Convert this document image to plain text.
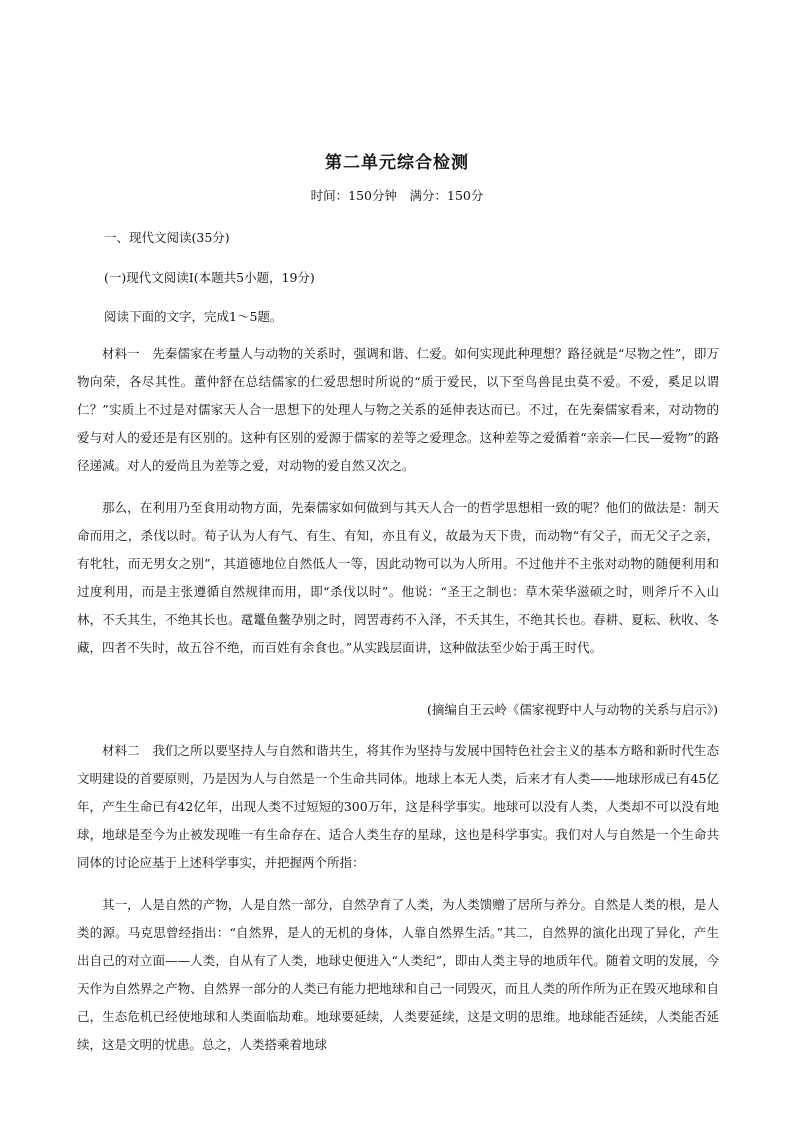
第二单元综合检测
时间：150分钟　满分：150分
一、现代文阅读(35分)
(一)现代文阅读Ⅰ(本题共5小题，19分)
阅读下面的文字，完成1～5题。

材料一　先秦儒家在考量人与动物的关系时，强调和谐、仁爱。如何实现此种理想？路径就是“尽物之性”，即万物向荣，各尽其性。董仲舒在总结儒家的仁爱思想时所说的“质于爱民，以下至鸟兽昆虫莫不爱。不爱，奚足以谓仁？”实质上不过是对儒家天人合一思想下的处理人与物之关系的延伸表达而已。不过，在先秦儒家看来，对动物的爱与对人的爱还是有区别的。这种有区别的爱源于儒家的差等之爱理念。这种差等之爱循着“亲亲—仁民—爱物”的路径递减。对人的爱尚且为差等之爱，对动物的爱自然又次之。

那么，在利用乃至食用动物方面，先秦儒家如何做到与其天人合一的哲学思想相一致的呢？他们的做法是：制天命而用之，杀伐以时。荀子认为人有气、有生、有知，亦且有义，故最为天下贵，而动物“有父子，而无父子之亲，有牝牡，而无男女之别”，其道德地位自然低人一等，因此动物可以为人所用。不过他并不主张对动物的随便利用和过度利用，而是主张遵循自然规律而用，即“杀伐以时”。他说：“圣王之制也：草木荣华滋硕之时，则斧斤不入山林，不夭其生，不绝其长也。鼋鼍鱼鳖孕别之时，罔罟毒药不入泽，不夭其生，不绝其长也。春耕、夏耘、秋收、冬藏，四者不失时，故五谷不绝，而百姓有余食也。”从实践层面讲，这种做法至少始于禹王时代。

(摘编自王云岭《儒家视野中人与动物的关系与启示》)

材料二　我们之所以要坚持人与自然和谐共生，将其作为坚持与发展中国特色社会主义的基本方略和新时代生态文明建设的首要原则，乃是因为人与自然是一个生命共同体。地球上本无人类，后来才有人类——地球形成已有45亿年，产生生命已有42亿年，出现人类不过短短的300万年，这是科学事实。地球可以没有人类，人类却不可以没有地球，地球是至今为止被发现唯一有生命存在、适合人类生存的星球，这也是科学事实。我们对人与自然是一个生命共同体的讨论应基于上述科学事实，并把握两个所指：

其一，人是自然的产物，人是自然一部分，自然孕育了人类，为人类馈赠了居所与养分。自然是人类的根，是人类的源。马克思曾经指出：“自然界，是人的无机的身体，人靠自然界生活。”其二，自然界的演化出现了异化，产生出自己的对立面——人类，自从有了人类，地球史便进入“人类纪”，即由人类主导的地质年代。随着文明的发展，今天作为自然界之产物、自然界一部分的人类已有能力把地球和自己一同毁灭，而且人类的所作所为正在毁灭地球和自己，生态危机已经使地球和人类面临劫难。地球要延续，人类要延续，这是文明的思维。地球能否延续，人类能否延续，这是文明的忧患。总之，人类搭乘着地球
